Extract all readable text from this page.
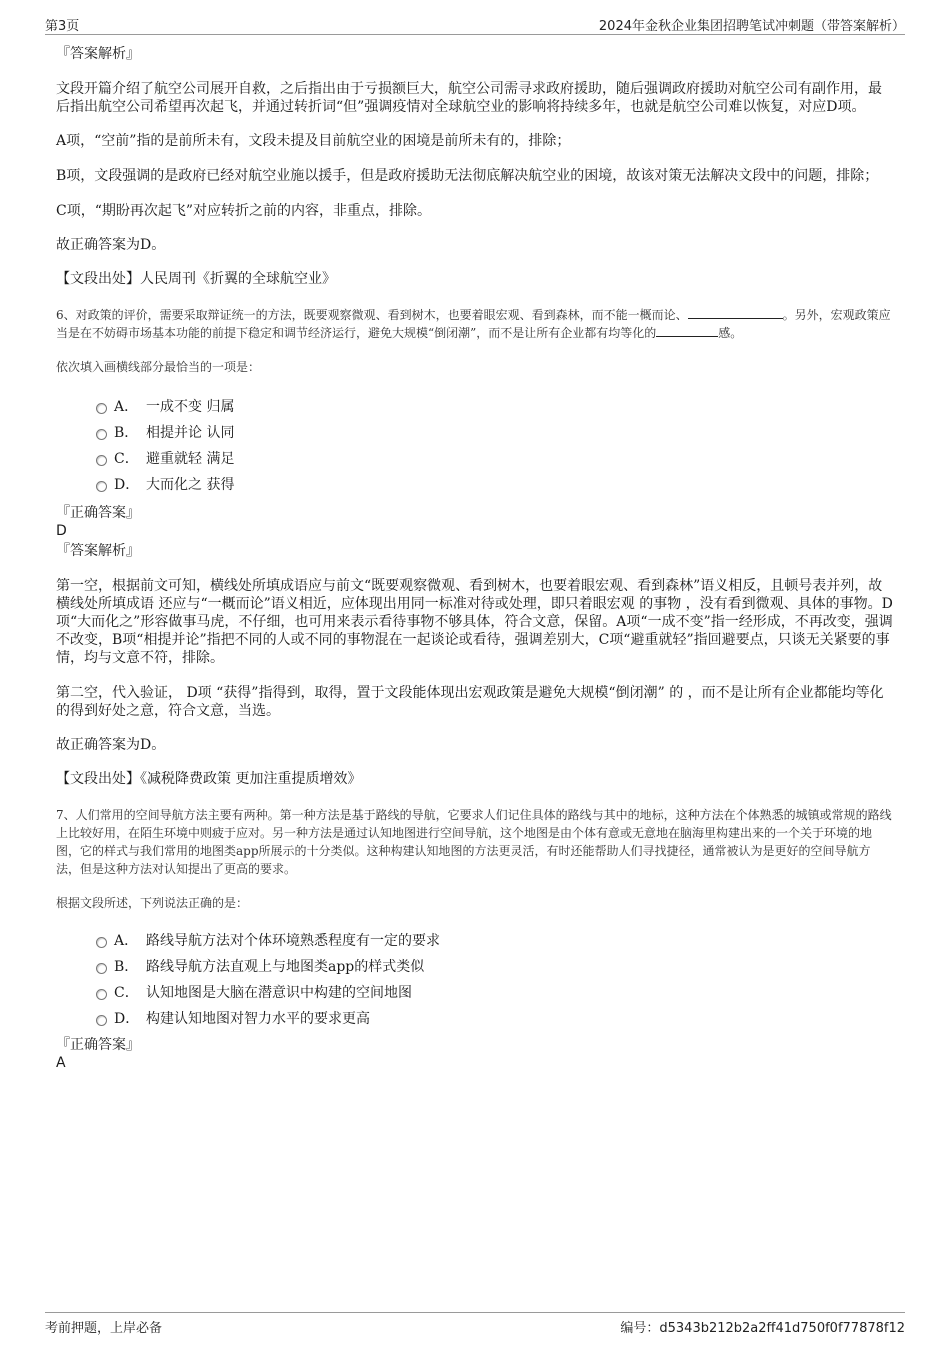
第3页	2024年金秋企业集团招聘笔试冲刺题（带答案解析）
『答案解析』

文段开篇介绍了航空公司展开自救，之后指出由于亏损额巨大，航空公司需寻求政府援助，随后强调政府援助对航空公司有副作用，最后指出航空公司希望再次起飞，并通过转折词“但”强调疫情对全球航空业的影响将持续多年，也就是航空公司难以恢复，对应D项。

A项，“空前”指的是前所未有，文段未提及目前航空业的困境是前所未有的，排除；

B项，文段强调的是政府已经对航空业施以援手，但是政府援助无法彻底解决航空业的困境，故该对策无法解决文段中的问题，排除；

C项，“期盼再次起飞”对应转折之前的内容，非重点，排除。

故正确答案为D。

【文段出处】人民周刊《折翼的全球航空业》

6、对政策的评价，需要采取辩证统一的方法，既要观察微观、看到树木，也要着眼宏观、看到森林，而不能一概而论、	。另外，宏观政策应当是在不妨碍市场基本功能的前提下稳定和调节经济运行，避免大规模“倒闭潮”，而不是让所有企业都有均等化的	感。

依次填入画横线部分最恰当的一项是：

A． 一成不变 归属
B． 相提并论 认同
C． 避重就轻 满足
D． 大而化之 获得
『正确答案』
D
『答案解析』

第一空，根据前文可知，横线处所填成语应与前文“既要观察微观、看到树木，也要着眼宏观、看到森林”语义相反，且顿号表并列，故 横线处所填成语 还应与“一概而论”语义相近，应体现出用同一标准对待或处理，即只着眼宏观 的事物 ，没有看到微观、具体的事物。D项“大而化之”形容做事马虎，不仔细，也可用来表示看待事物不够具体，符合文意，保留。A项“一成不变”指一经形成，不再改变，强调不改变，B项“相提并论”指把不同的人或不同的事物混在一起谈论或看待，强调差别大，C项“避重就轻”指回避要点，只谈无关紧要的事情，均与文意不符，排除。

第二空，代入验证， D项 “获得”指得到，取得，置于文段能体现出宏观政策是避免大规模“倒闭潮” 的 ，而不是让所有企业都能均等化的得到好处之意，符合文意，当选。

故正确答案为D。

【文段出处】《减税降费政策 更加注重提质增效》

7、人们常用的空间导航方法主要有两种。第一种方法是基于路线的导航，它要求人们记住具体的路线与其中的地标，这种方法在个体熟悉的城镇或常规的路线上比较好用，在陌生环境中则疲于应对。另一种方法是通过认知地图进行空间导航，这个地图是由个体有意或无意地在脑海里构建出来的一个关于环境的地图，它的样式与我们常用的地图类app所展示的十分类似。这种构建认知地图的方法更灵活，有时还能帮助人们寻找捷径，通常被认为是更好的空间导航方法，但是这种方法对认知提出了更高的要求。

根据文段所述，下列说法正确的是：

A． 路线导航方法对个体环境熟悉程度有一定的要求
B． 路线导航方法直观上与地图类app的样式类似
C． 认知地图是大脑在潜意识中构建的空间地图
D． 构建认知地图对智力水平的要求更高
『正确答案』
A
考前押题，上岸必备	编号：d5343b212b2a2ff41d750f0f77878f12
